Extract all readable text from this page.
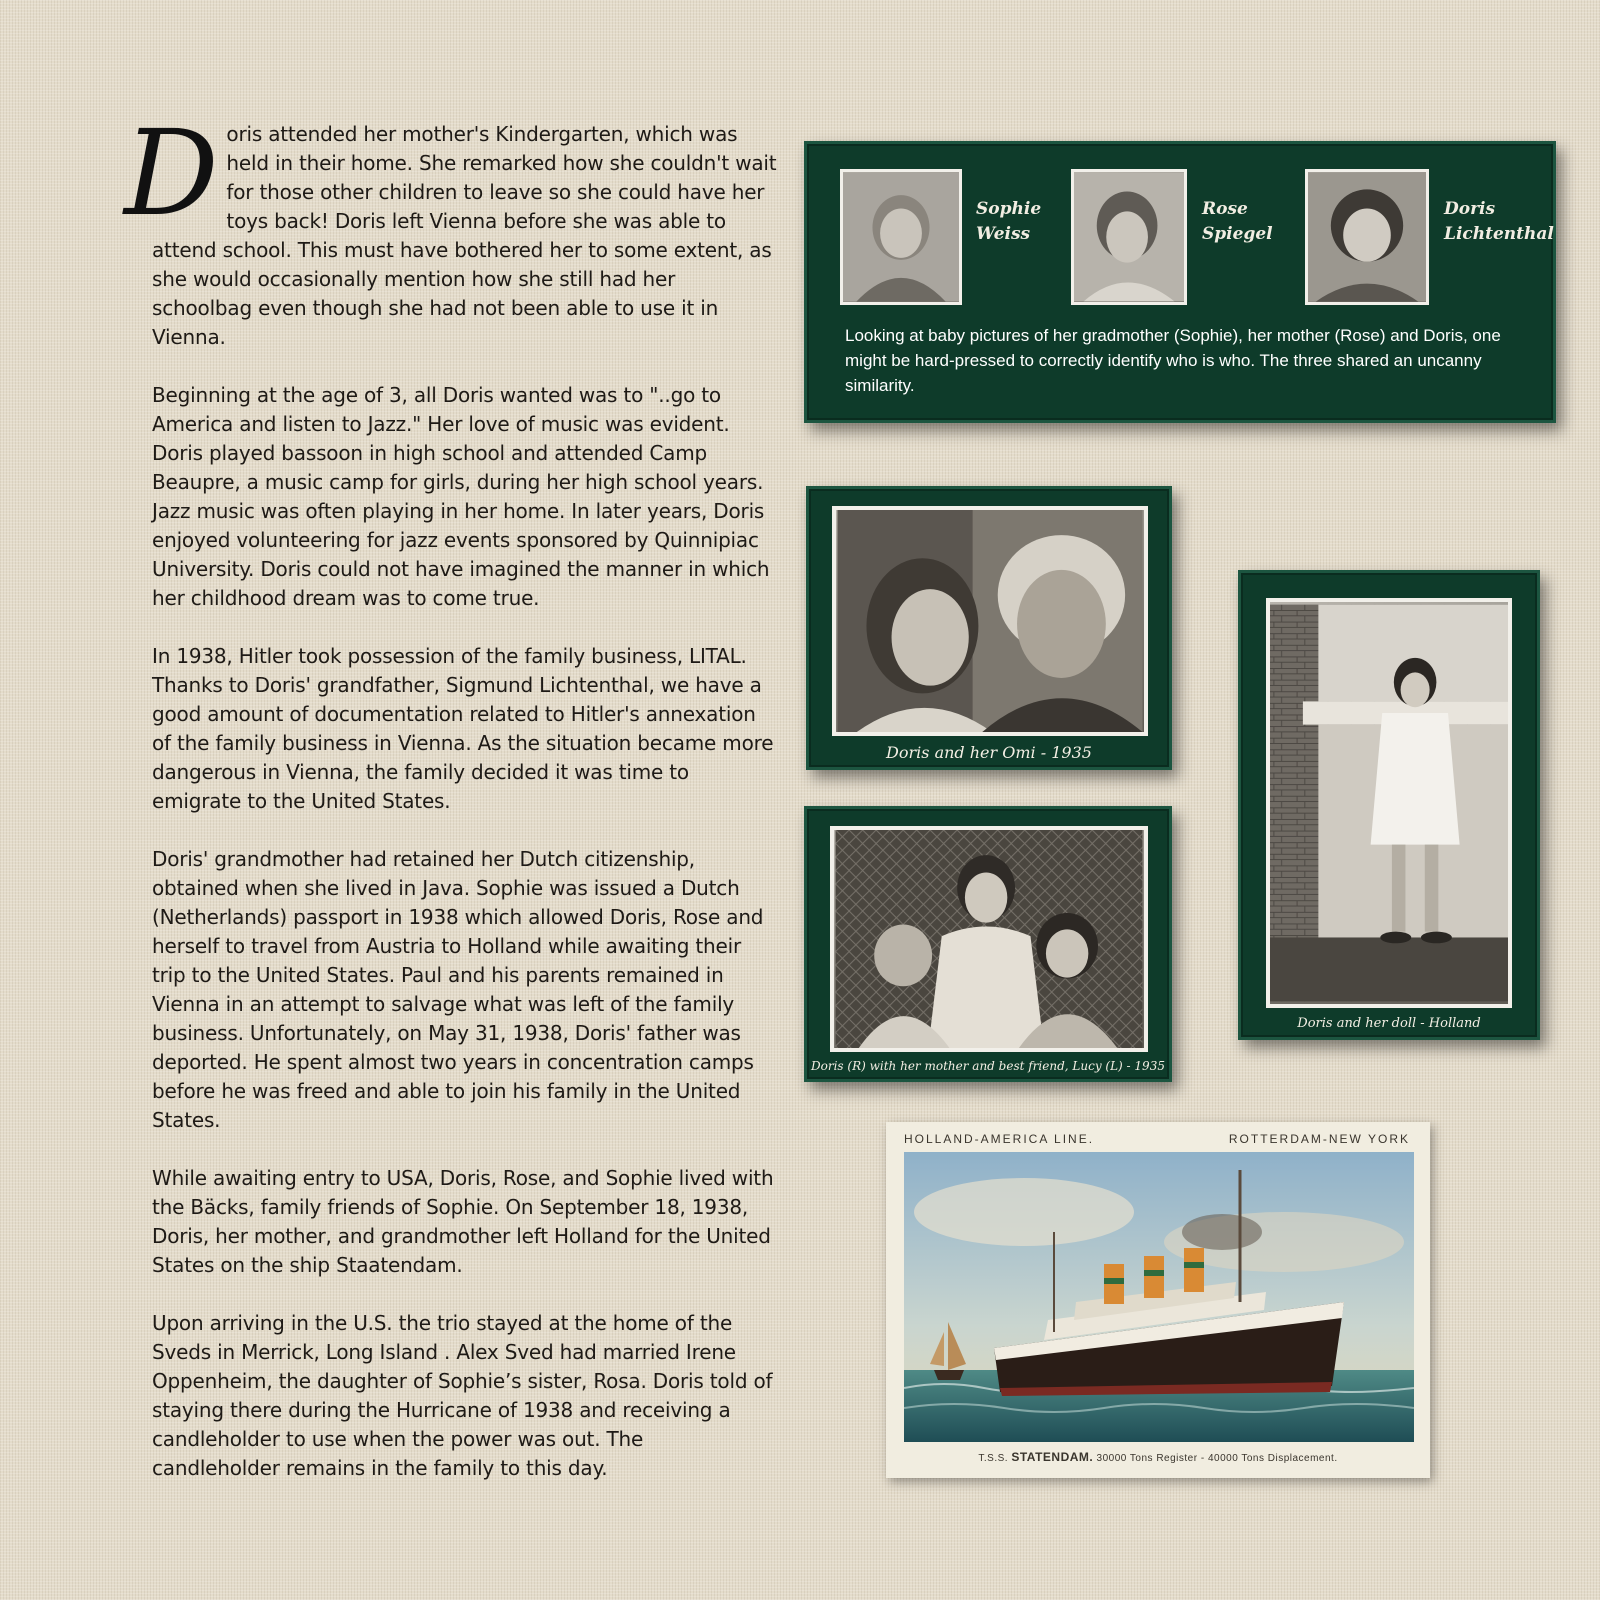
D oris attended her mother's Kindergarten, which was held in their home. She remarked how she couldn't wait for those other children to leave so she could have her toys back! Doris left Vienna before she was able to attend school. This must have bothered her to some extent, as she would occasionally mention how she still had her schoolbag even though she had not been able to use it in Vienna.

Beginning at the age of 3, all Doris wanted was to "..go to America and listen to Jazz." Her love of music was evident. Doris played bassoon in high school and attended Camp Beaupre, a music camp for girls, during her high school years. Jazz music was often playing in her home. In later years, Doris enjoyed volunteering for jazz events sponsored by Quinnipiac University. Doris could not have imagined the manner in which her childhood dream was to come true.

In 1938, Hitler took possession of the family business, LITAL. Thanks to Doris' grandfather, Sigmund Lichtenthal, we have a good amount of documentation related to Hitler's annexation of the family business in Vienna. As the situation became more dangerous in Vienna, the family decided it was time to emigrate to the United States.

Doris' grandmother had retained her Dutch citizenship, obtained when she lived in Java. Sophie was issued a Dutch (Netherlands) passport in 1938 which allowed Doris, Rose and herself to travel from Austria to Holland while awaiting their trip to the United States. Paul and his parents remained in Vienna in an attempt to salvage what was left of the family business. Unfortunately, on May 31, 1938, Doris' father was deported. He spent almost two years in concentration camps before he was freed and able to join his family in the United States.

While awaiting entry to USA, Doris, Rose, and Sophie lived with the Bäcks, family friends of Sophie. On September 18, 1938, Doris, her mother, and grandmother left Holland for the United States on the ship Staatendam.

Upon arriving in the U.S. the trio stayed at the home of the Sveds in Merrick, Long Island . Alex Sved had married Irene Oppenheim, the daughter of Sophie’s sister, Rosa. Doris told of staying there during the Hurricane of 1938 and receiving a candleholder to use when the power was out. The candleholder remains in the family to this day.

Sophie
Weiss
Rose
Spiegel
Doris
Lichtenthal
Looking at baby pictures of her gradmother (Sophie), her mother (Rose) and Doris, one might be hard-pressed to correctly identify who is who. The three shared an uncanny similarity.
Doris and her Omi - 1935
Doris (R) with her mother and best friend, Lucy (L) - 1935
Doris and her doll - Holland
HOLLAND-AMERICA LINE.	ROTTERDAM-NEW YORK
T.S.S. STATENDAM. 30000 Tons Register - 40000 Tons Displacement.
